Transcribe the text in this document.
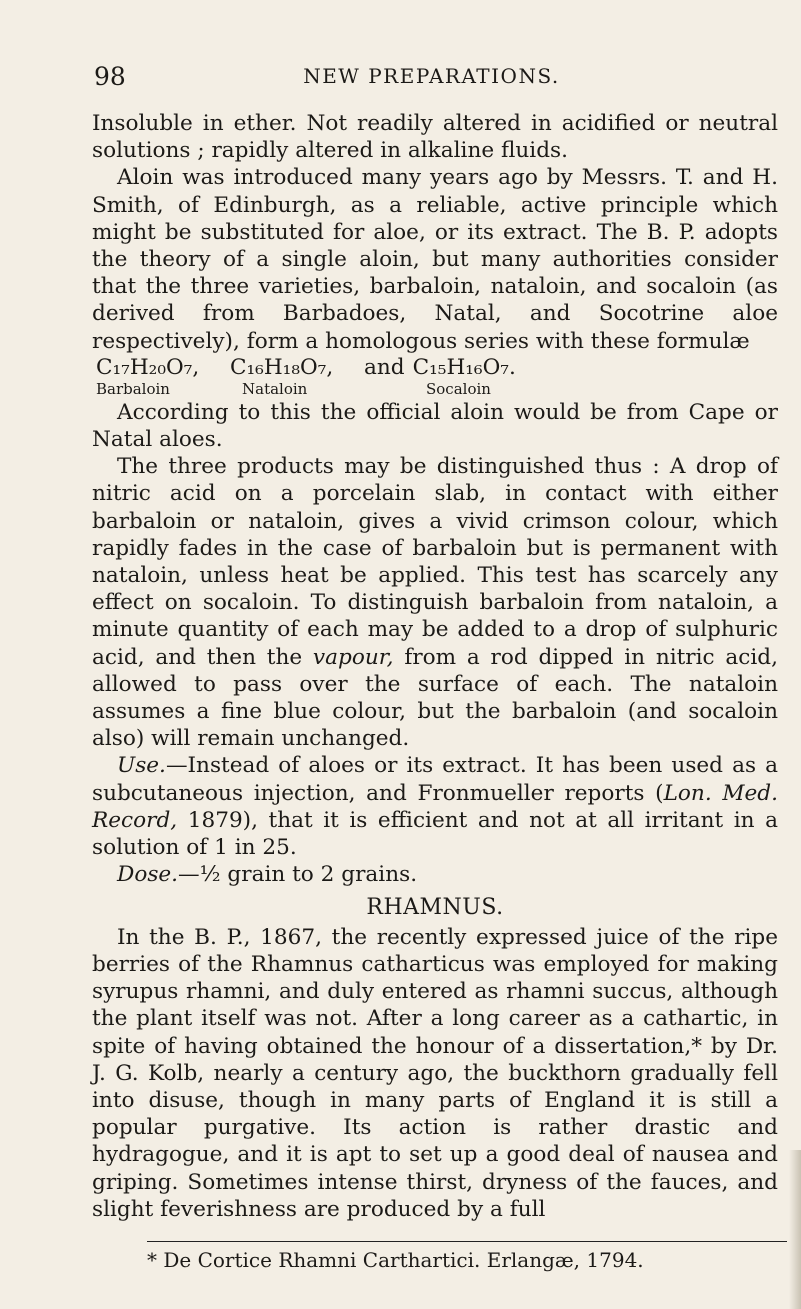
98	NEW PREPARATIONS.

Insoluble in ether. Not readily altered in acidified or neutral solutions ; rapidly altered in alkaline fluids.

Aloin was introduced many years ago by Messrs. T. and H. Smith, of Edinburgh, as a reliable, active principle which might be substituted for aloe, or its extract. The B. P. adopts the theory of a single aloin, but many authorities consider that the three varieties, barbaloin, nataloin, and socaloin (as derived from Barbadoes, Natal, and Socotrine aloe respectively), form a homologous series with these formulæ

C₁₇H₂₀O₇,	C₁₆H₁₈O₇,	and C₁₅H₁₆O₇.
Barbaloin	Nataloin	Socaloin

According to this the official aloin would be from Cape or Natal aloes.

The three products may be distinguished thus : A drop of nitric acid on a porcelain slab, in contact with either barbaloin or nataloin, gives a vivid crimson colour, which rapidly fades in the case of barbaloin but is permanent with nataloin, unless heat be applied. This test has scarcely any effect on socaloin. To distinguish barbaloin from nataloin, a minute quantity of each may be added to a drop of sulphuric acid, and then the vapour, from a rod dipped in nitric acid, allowed to pass over the surface of each. The nataloin assumes a fine blue colour, but the barbaloin (and socaloin also) will remain unchanged.

Use.—Instead of aloes or its extract. It has been used as a subcutaneous injection, and Fronmueller reports (Lon. Med. Record, 1879), that it is efficient and not at all irritant in a solution of 1 in 25.

Dose.—½ grain to 2 grains.

RHAMNUS.

In the B. P., 1867, the recently expressed juice of the ripe berries of the Rhamnus catharticus was employed for making syrupus rhamni, and duly entered as rhamni succus, although the plant itself was not. After a long career as a cathartic, in spite of having obtained the honour of a dissertation,* by Dr. J. G. Kolb, nearly a century ago, the buckthorn gradually fell into disuse, though in many parts of England it is still a popular purgative. Its action is rather drastic and hydragogue, and it is apt to set up a good deal of nausea and griping. Sometimes intense thirst, dryness of the fauces, and slight feverishness are produced by a full

* De Cortice Rhamni Carthartici. Erlangæ, 1794.
